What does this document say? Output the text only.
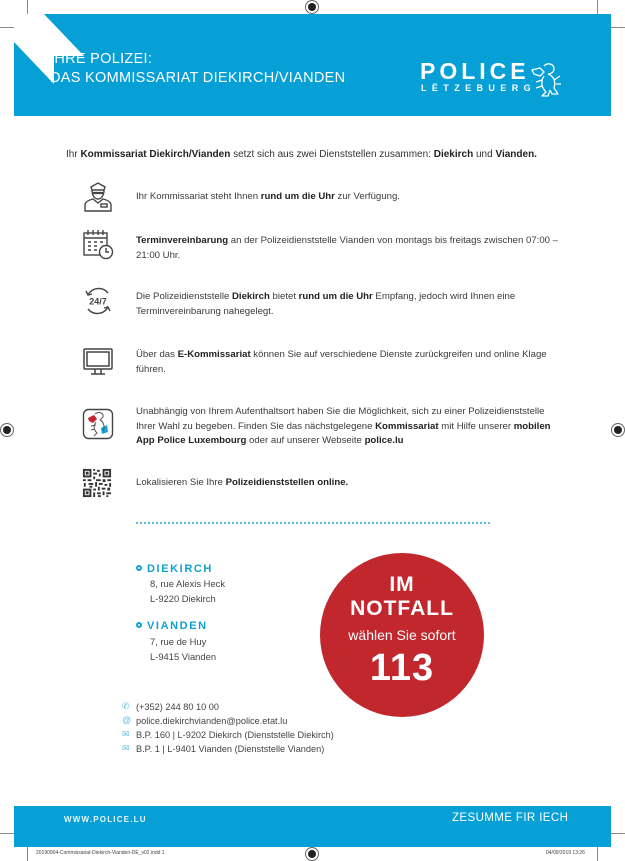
IHRE POLIZEI:
DAS KOMMISSARIAT DIEKIRCH/VIANDEN	POLICE
LËTZEBUERG
Ihr Kommissariat Diekirch/Vianden setzt sich aus zwei Dienststellen zusammen: Diekirch und Vianden.
Ihr Kommissariat steht Ihnen rund um die Uhr zur Verfügung.
Terminvereinbarung an der Polizeidienststelle Vianden von montags bis freitags zwischen 07:00 – 21:00 Uhr.
24/7	Die Polizeidienststelle Diekirch bietet rund um die Uhr Empfang, jedoch wird Ihnen eine Terminvereinbarung nahegelegt.
Über das E-Kommissariat können Sie auf verschiedene Dienste zurückgreifen und online Klage führen.
Unabhängig von Ihrem Aufenthaltsort haben Sie die Möglichkeit, sich zu einer Polizeidienststelle Ihrer Wahl zu begeben. Finden Sie das nächstgelegene Kommissariat mit Hilfe unserer mobilen App Police Luxembourg oder auf unserer Webseite police.lu
Lokalisieren Sie Ihre Polizeidienststellen online.
DIEKIRCH
8, rue Alexis Heck
L-9220 Diekirch
VIANDEN
7, rue de Huy
L-9415 Vianden
IM
NOTFALL
wählen Sie sofort
113
✆ (+352) 244 80 10 00
@ police.diekirchvianden@police.etat.lu
✉ B.P. 160 | L-9202 Diekirch (Dienststelle Diekirch)
✉ B.P. 1 | L-9401 Vianden (Dienststelle Vianden)
WWW.POLICE.LU	ZESUMME FIR IECH
20190904-Commissariat-Diekirch-Vianden-DE_v02.indd 1	04/09/2019 13:26
